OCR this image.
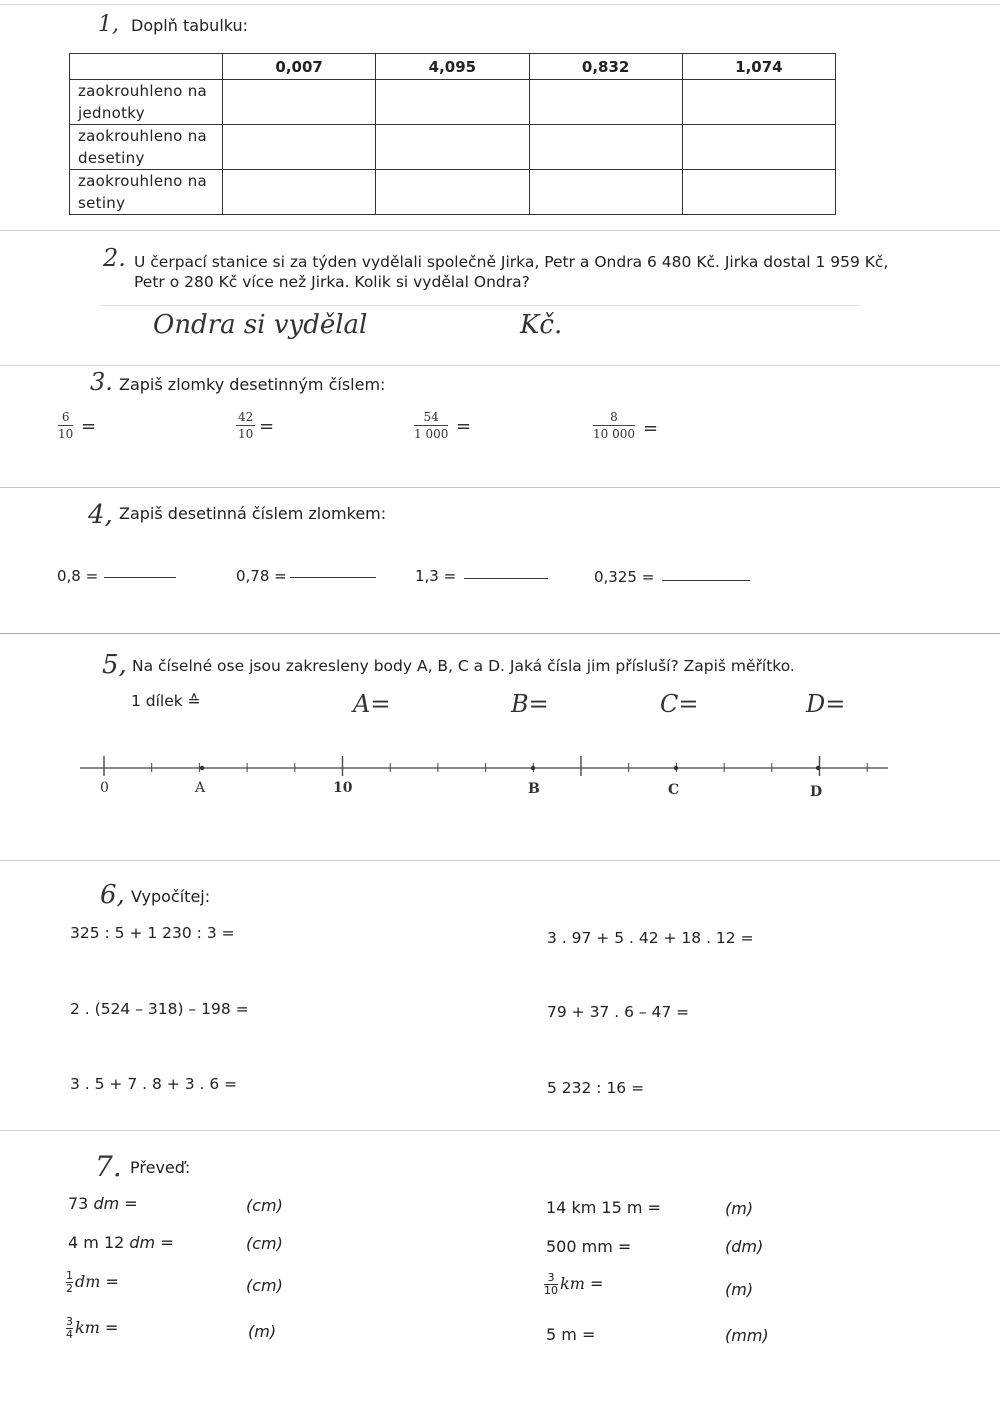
1, Doplň tabulku:
	0,007	4,095	0,832	1,074
zaokrouhleno na jednotky				
zaokrouhleno na desetiny				
zaokrouhleno na setiny				
2. U čerpací stanice si za týden vydělali společně Jirka, Petr a Ondra 6 480 Kč. Jirka dostal 1 959 Kč,
Petr o 280 Kč více než Jirka. Kolik si vydělal Ondra?
Ondra si vydělal	Kč.
3. Zapiš zlomky desetinným číslem:
$\frac{6}{10}$ =	$\frac{42}{10}$ =	$\frac{54}{1 000}$ =	$\frac{8}{10 000}$ =
4, Zapiš desetinná číslem zlomkem:
0,8 =	0,78 =	1,3 =	0,325 =
5, Na číselné ose jsou zakresleny body A, B, C a D. Jaká čísla jim přísluší? Zapiš měřítko.
1 dílek ≙	A=	B=	C=	D=
0	A	10	B	C	D
6, Vypočítej:
325 : 5 + 1 230 : 3 =
2 . (524 – 318) – 198 =
3 . 5 + 7 . 8 + 3 . 6 =
3 . 97 + 5 . 42 + 18 . 12 =
79 + 37 . 6 – 47 =
5 232 : 16 =
7. Převeď:
73 dm =	(cm)
4 m 12 dm =	(cm)
$\frac{1}{2}$ dm =	(cm)
$\frac{3}{4}$ km =	(m)
14 km 15 m =	(m)
500 mm =	(dm)
$\frac{3}{10}$ km =	(m)
5 m =	(mm)
